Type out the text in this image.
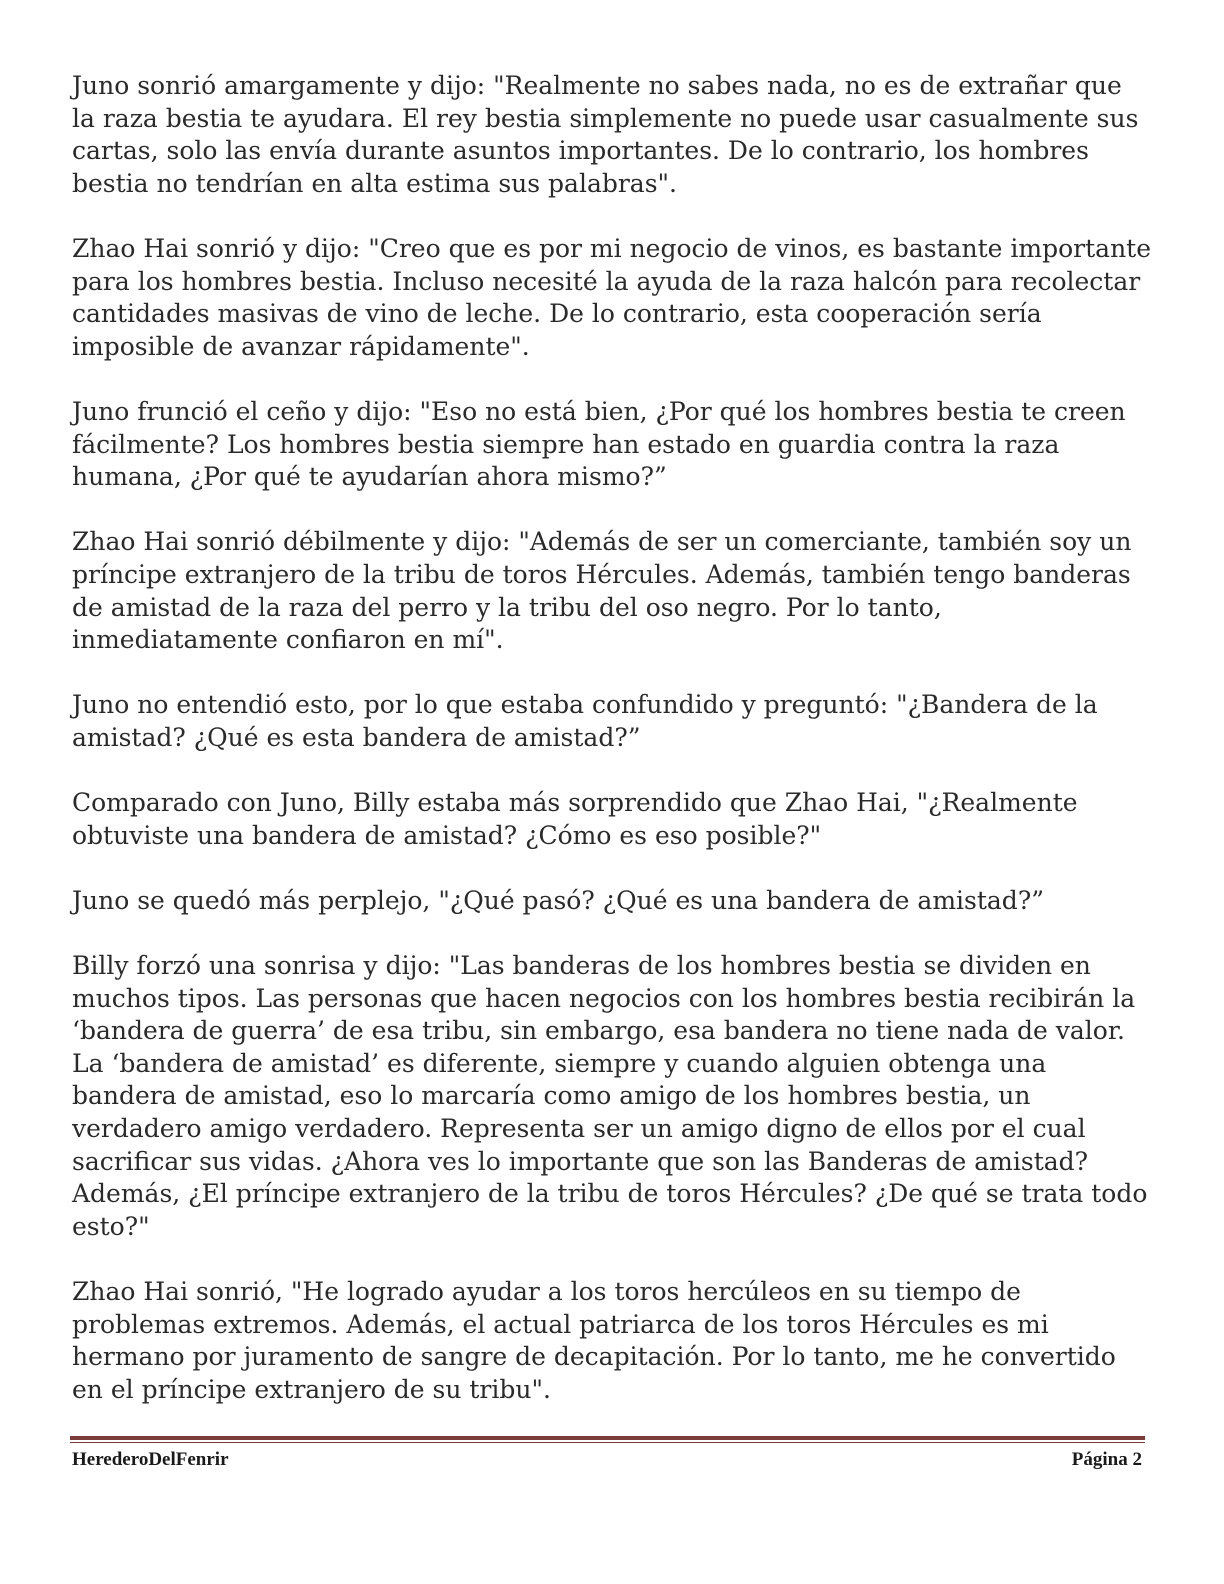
Juno sonrió amargamente y dijo: "Realmente no sabes nada, no es de extrañar que la raza bestia te ayudara. El rey bestia simplemente no puede usar casualmente sus cartas, solo las envía durante asuntos importantes. De lo contrario, los hombres bestia no tendrían en alta estima sus palabras".

Zhao Hai sonrió y dijo: "Creo que es por mi negocio de vinos, es bastante importante para los hombres bestia. Incluso necesité la ayuda de la raza halcón para recolectar cantidades masivas de vino de leche. De lo contrario, esta cooperación sería imposible de avanzar rápidamente".

Juno frunció el ceño y dijo: "Eso no está bien, ¿Por qué los hombres bestia te creen fácilmente? Los hombres bestia siempre han estado en guardia contra la raza humana, ¿Por qué te ayudarían ahora mismo?”

Zhao Hai sonrió débilmente y dijo: "Además de ser un comerciante, también soy un príncipe extranjero de la tribu de toros Hércules. Además, también tengo banderas de amistad de la raza del perro y la tribu del oso negro. Por lo tanto, inmediatamente confiaron en mí".

Juno no entendió esto, por lo que estaba confundido y preguntó: "¿Bandera de la amistad? ¿Qué es esta bandera de amistad?”

Comparado con Juno, Billy estaba más sorprendido que Zhao Hai, "¿Realmente obtuviste una bandera de amistad? ¿Cómo es eso posible?"

Juno se quedó más perplejo, "¿Qué pasó? ¿Qué es una bandera de amistad?”

Billy forzó una sonrisa y dijo: "Las banderas de los hombres bestia se dividen en muchos tipos. Las personas que hacen negocios con los hombres bestia recibirán la ‘bandera de guerra’ de esa tribu, sin embargo, esa bandera no tiene nada de valor. La ‘bandera de amistad’ es diferente, siempre y cuando alguien obtenga una bandera de amistad, eso lo marcaría como amigo de los hombres bestia, un verdadero amigo verdadero. Representa ser un amigo digno de ellos por el cual sacrificar sus vidas. ¿Ahora ves lo importante que son las Banderas de amistad? Además, ¿El príncipe extranjero de la tribu de toros Hércules? ¿De qué se trata todo esto?"

Zhao Hai sonrió, "He logrado ayudar a los toros hercúleos en su tiempo de problemas extremos. Además, el actual patriarca de los toros Hércules es mi hermano por juramento de sangre de decapitación. Por lo tanto, me he convertido en el príncipe extranjero de su tribu".

HerederoDelFenrir	Página 2
